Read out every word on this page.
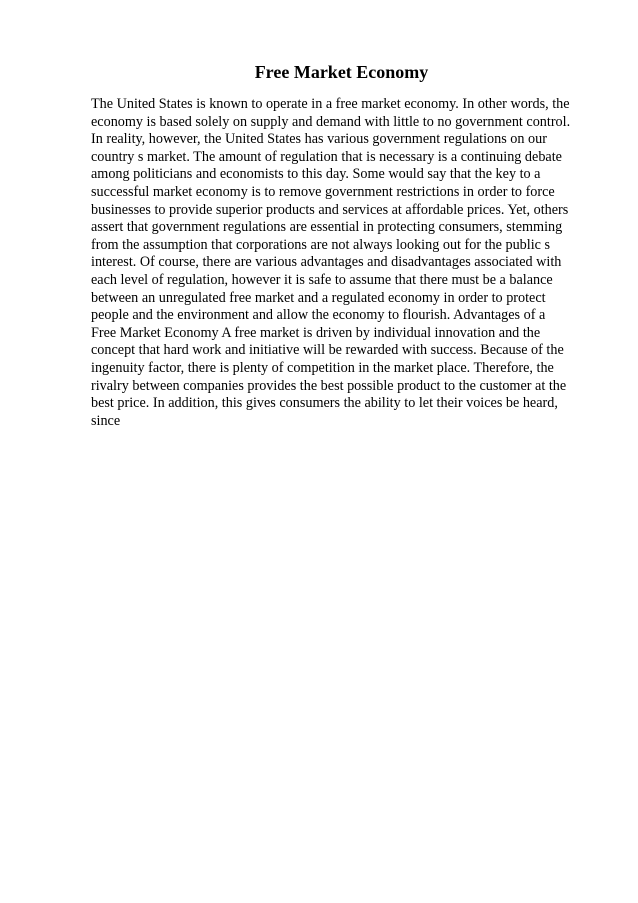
Free Market Economy
The United States is known to operate in a free market economy. In other words, the
economy is based solely on supply and demand with little to no government control.
In reality, however, the United States has various government regulations on our
country s market. The amount of regulation that is necessary is a continuing debate
among politicians and economists to this day. Some would say that the key to a
successful market economy is to remove government restrictions in order to force
businesses to provide superior products and services at affordable prices. Yet, others
assert that government regulations are essential in protecting consumers, stemming
from the assumption that corporations are not always looking out for the public s
interest. Of course, there are various advantages and disadvantages associated with
each level of regulation, however it is safe to assume that there must be a balance
between an unregulated free market and a regulated economy in order to protect
people and the environment and allow the economy to flourish. Advantages of a
Free Market Economy A free market is driven by individual innovation and the
concept that hard work and initiative will be rewarded with success. Because of the
ingenuity factor, there is plenty of competition in the market place. Therefore, the
rivalry between companies provides the best possible product to the customer at the
best price. In addition, this gives consumers the ability to let their voices be heard,
since
